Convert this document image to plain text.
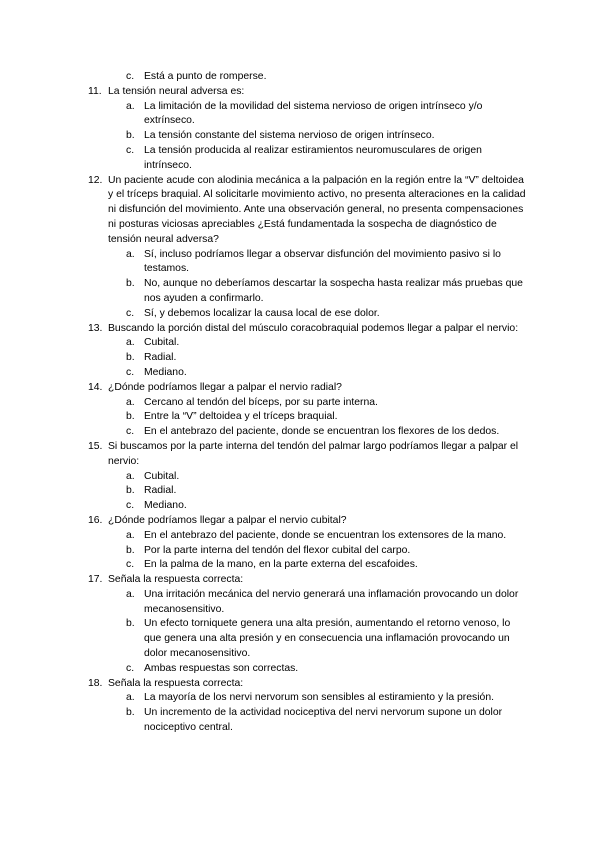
c. Está a punto de romperse.
11. La tensión neural adversa es:
a. La limitación de la movilidad del sistema nervioso de origen intrínseco y/o extrínseco.
b. La tensión constante del sistema nervioso de origen intrínseco.
c. La tensión producida al realizar estiramientos neuromusculares de origen intrínseco.
12. Un paciente acude con alodinia mecánica a la palpación en la región entre la “V” deltoidea y el tríceps braquial. Al solicitarle movimiento activo, no presenta alteraciones en la calidad ni disfunción del movimiento. Ante una observación general, no presenta compensaciones ni posturas viciosas apreciables ¿Está fundamentada la sospecha de diagnóstico de tensión neural adversa?
a. Sí, incluso podríamos llegar a observar disfunción del movimiento pasivo si lo testamos.
b. No, aunque no deberíamos descartar la sospecha hasta realizar más pruebas que nos ayuden a confirmarlo.
c. Sí, y debemos localizar la causa local de ese dolor.
13. Buscando la porción distal del músculo coracobraquial podemos llegar a palpar el nervio:
a. Cubital.
b. Radial.
c. Mediano.
14. ¿Dónde podríamos llegar a palpar el nervio radial?
a. Cercano al tendón del bíceps, por su parte interna.
b. Entre la “V” deltoidea y el tríceps braquial.
c. En el antebrazo del paciente, donde se encuentran los flexores de los dedos.
15. Si buscamos por la parte interna del tendón del palmar largo podríamos llegar a palpar el nervio:
a. Cubital.
b. Radial.
c. Mediano.
16. ¿Dónde podríamos llegar a palpar el nervio cubital?
a. En el antebrazo del paciente, donde se encuentran los extensores de la mano.
b. Por la parte interna del tendón del flexor cubital del carpo.
c. En la palma de la mano, en la parte externa del escafoides.
17. Señala la respuesta correcta:
a. Una irritación mecánica del nervio generará una inflamación provocando un dolor mecanosensitivo.
b. Un efecto torniquete genera una alta presión, aumentando el retorno venoso, lo que genera una alta presión y en consecuencia una inflamación provocando un dolor mecanosensitivo.
c. Ambas respuestas son correctas.
18. Señala la respuesta correcta:
a. La mayoría de los nervi nervorum son sensibles al estiramiento y la presión.
b. Un incremento de la actividad nociceptiva del nervi nervorum supone un dolor nociceptivo central.
